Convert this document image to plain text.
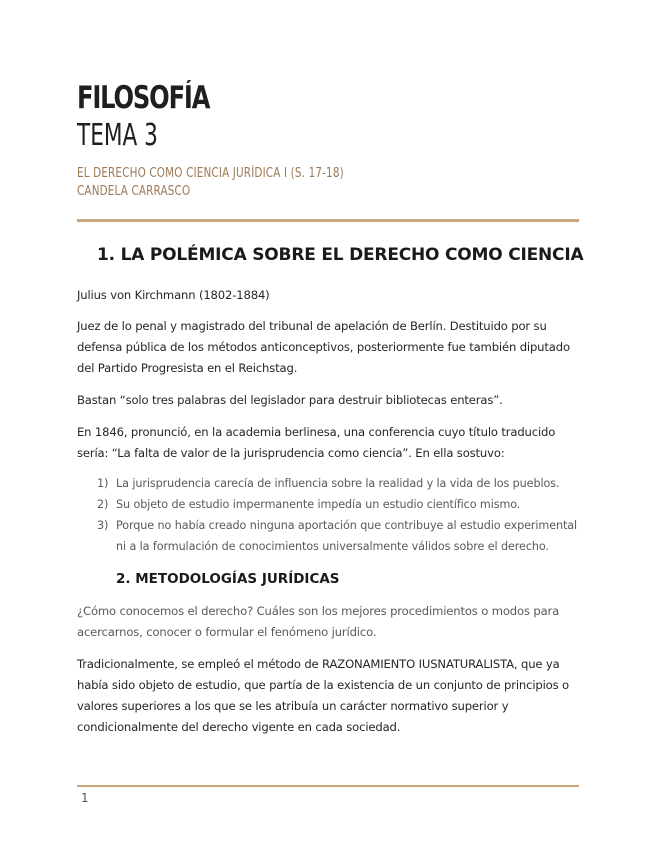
FILOSOFÍA
TEMA 3
EL DERECHO COMO CIENCIA JURÍDICA I (S. 17-18)
CANDELA CARRASCO
1. LA POLÉMICA SOBRE EL DERECHO COMO CIENCIA
Julius von Kirchmann (1802-1884)
Juez de lo penal y magistrado del tribunal de apelación de Berlín. Destituido por su defensa pública de los métodos anticonceptivos, posteriormente fue también diputado del Partido Progresista en el Reichstag.
Bastan “solo tres palabras del legislador para destruir bibliotecas enteras”.
En 1846, pronunció, en la academia berlinesa, una conferencia cuyo título traducido sería: “La falta de valor de la jurisprudencia como ciencia”. En ella sostuvo:
1) La jurisprudencia carecía de influencia sobre la realidad y la vida de los pueblos.
2) Su objeto de estudio impermanente impedía un estudio científico mismo.
3) Porque no había creado ninguna aportación que contribuye al estudio experimental ni a la formulación de conocimientos universalmente válidos sobre el derecho.
2. METODOLOGÍAS JURÍDICAS
¿Cómo conocemos el derecho? Cuáles son los mejores procedimientos o modos para acercarnos, conocer o formular el fenómeno jurídico.
Tradicionalmente, se empleó el método de RAZONAMIENTO IUSNATURALISTA, que ya había sido objeto de estudio, que partía de la existencia de un conjunto de principios o valores superiores a los que se les atribuía un carácter normativo superior y condicionalmente del derecho vigente en cada sociedad.
1
